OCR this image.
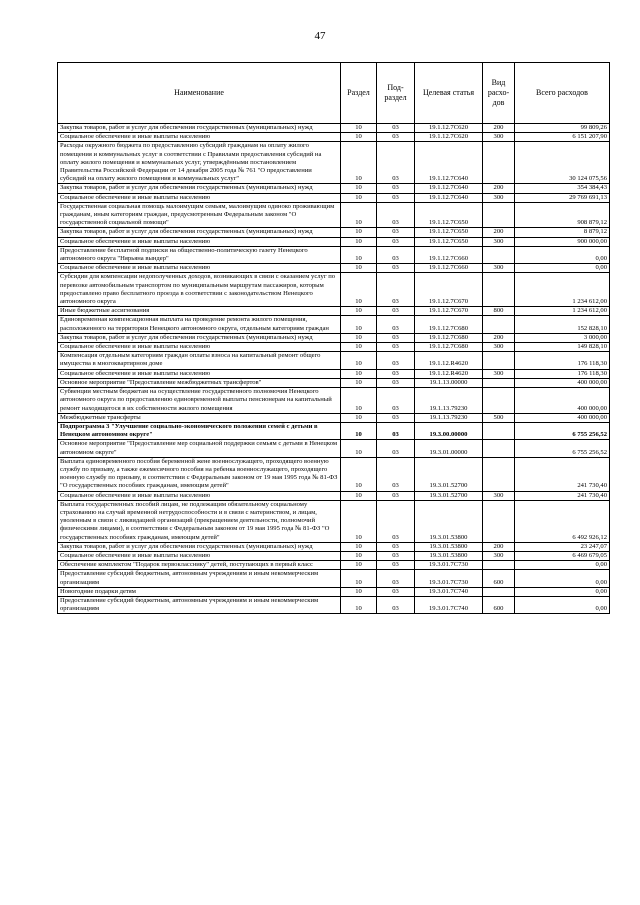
47
Наименование	Раздел	Под-раздел	Целевая статья	Вид расхо-дов	Всего расходов
Закупка товаров, работ и услуг для обеспечения государственных (муниципальных) нужд	10	03	19.1.12.7C620	200	99 809,26
Социальное обеспечение и иные выплаты населению	10	03	19.1.12.7C620	300	6 151 207,90
Расходы окружного бюджета по предоставлению субсидий гражданам на оплату жилого помещения и коммунальных услуг в соответствии с Правилами предоставления субсидий на оплату жилого помещения и коммунальных услуг, утверждёнными постановлением Правительства Российской Федерации от 14 декабря 2005 года № 761 "О предоставлении субсидий на оплату жилого помещения и коммунальных услуг"	10	03	19.1.12.7C640		30 124 075,56
Закупка товаров, работ и услуг для обеспечения государственных (муниципальных) нужд	10	03	19.1.12.7C640	200	354 384,43
Социальное обеспечение и иные выплаты населению	10	03	19.1.12.7C640	300	29 769 691,13
Государственная социальная помощь малоимущим семьям, малоимущим одиноко проживающим гражданам, иным категориям граждан, предусмотренным Федеральным законом "О государственной социальной помощи"	10	03	19.1.12.7C650		908 879,12
Закупка товаров, работ и услуг для обеспечения государственных (муниципальных) нужд	10	03	19.1.12.7C650	200	8 879,12
Социальное обеспечение и иные выплаты населению	10	03	19.1.12.7C650	300	900 000,00
Предоставление бесплатной подписки на общественно-политическую газету Ненецкого автономного округа "Нярьяна вындер"	10	03	19.1.12.7C660		0,00
Социальное обеспечение и иные выплаты населению	10	03	19.1.12.7C660	300	0,00
Субсидии для компенсации недополученных доходов, возникающих в связи с оказанием услуг по перевозке автомобильным транспортом по муниципальным маршрутам пассажиров, которым предоставлено право бесплатного проезда в соответствии с законодательством Ненецкого автономного округа	10	03	19.1.12.7C670		1 234 612,00
Иные бюджетные ассигнования	10	03	19.1.12.7C670	800	1 234 612,00
Единовременная компенсационная выплата на проведение ремонта жилого помещения, расположенного на территории Ненецкого автономного округа, отдельным категориям граждан	10	03	19.1.12.7C680		152 828,10
Закупка товаров, работ и услуг для обеспечения государственных (муниципальных) нужд	10	03	19.1.12.7C680	200	3 000,00
Социальное обеспечение и иные выплаты населению	10	03	19.1.12.7C680	300	149 828,10
Компенсация отдельным категориям граждан оплаты взноса на капитальный ремонт общего имущества в многоквартирном доме	10	03	19.1.12.R4620		176 118,30
Социальное обеспечение и иные выплаты населению	10	03	19.1.12.R4620	300	176 118,30
Основное мероприятие "Предоставление межбюджетных трансфертов"	10	03	19.1.13.00000		400 000,00
Субвенции местным бюджетам на осуществление государственного полномочия Ненецкого автономного округа по предоставлению единовременной выплаты пенсионерам на капитальный ремонт находящегося в их собственности жилого помещения	10	03	19.1.13.79230		400 000,00
Межбюджетные трансферты	10	03	19.1.13.79230	500	400 000,00
Подпрограмма 3 "Улучшение социально-экономического положения семей с детьми в Ненецком автономном округе"	10	03	19.3.00.00000		6 755 256,52
Основное мероприятие "Предоставление мер социальной поддержки семьям с детьми в Ненецком автономном округе"	10	03	19.3.01.00000		6 755 256,52
Выплата единовременного пособия беременной жене военнослужащего, проходящего военную службу по призыву, а также ежемесячного пособия на ребенка военнослужащего, проходящего военную службу по призыву, в соответствии с Федеральным законом от 19 мая 1995 года № 81-ФЗ "О государственных пособиях гражданам, имеющим детей"	10	03	19.3.01.52700		241 730,40
Социальное обеспечение и иные выплаты населению	10	03	19.3.01.52700	300	241 730,40
Выплата государственных пособий лицам, не подлежащим обязательному социальному страхованию на случай временной нетрудоспособности и в связи с материнством, и лицам, уволенным в связи с ликвидацией организаций (прекращением деятельности, полномочий физическими лицами), в соответствии с Федеральным законом от 19 мая 1995 года № 81-ФЗ "О государственных пособиях гражданам, имеющим детей"	10	03	19.3.01.53800		6 492 926,12
Закупка товаров, работ и услуг для обеспечения государственных (муниципальных) нужд	10	03	19.3.01.53800	200	23 247,07
Социальное обеспечение и иные выплаты населению	10	03	19.3.01.53800	300	6 469 679,05
Обеспечение комплектом "Подарок первокласснику" детей, поступающих в первый класс	10	03	19.3.01.7C730		0,00
Предоставление субсидий бюджетным, автономным учреждениям и иным некоммерческим организациям	10	03	19.3.01.7C730	600	0,00
Новогодние подарки детям	10	03	19.3.01.7C740		0,00
Предоставление субсидий бюджетным, автономным учреждениям и иным некоммерческим организациям	10	03	19.3.01.7C740	600	0,00
